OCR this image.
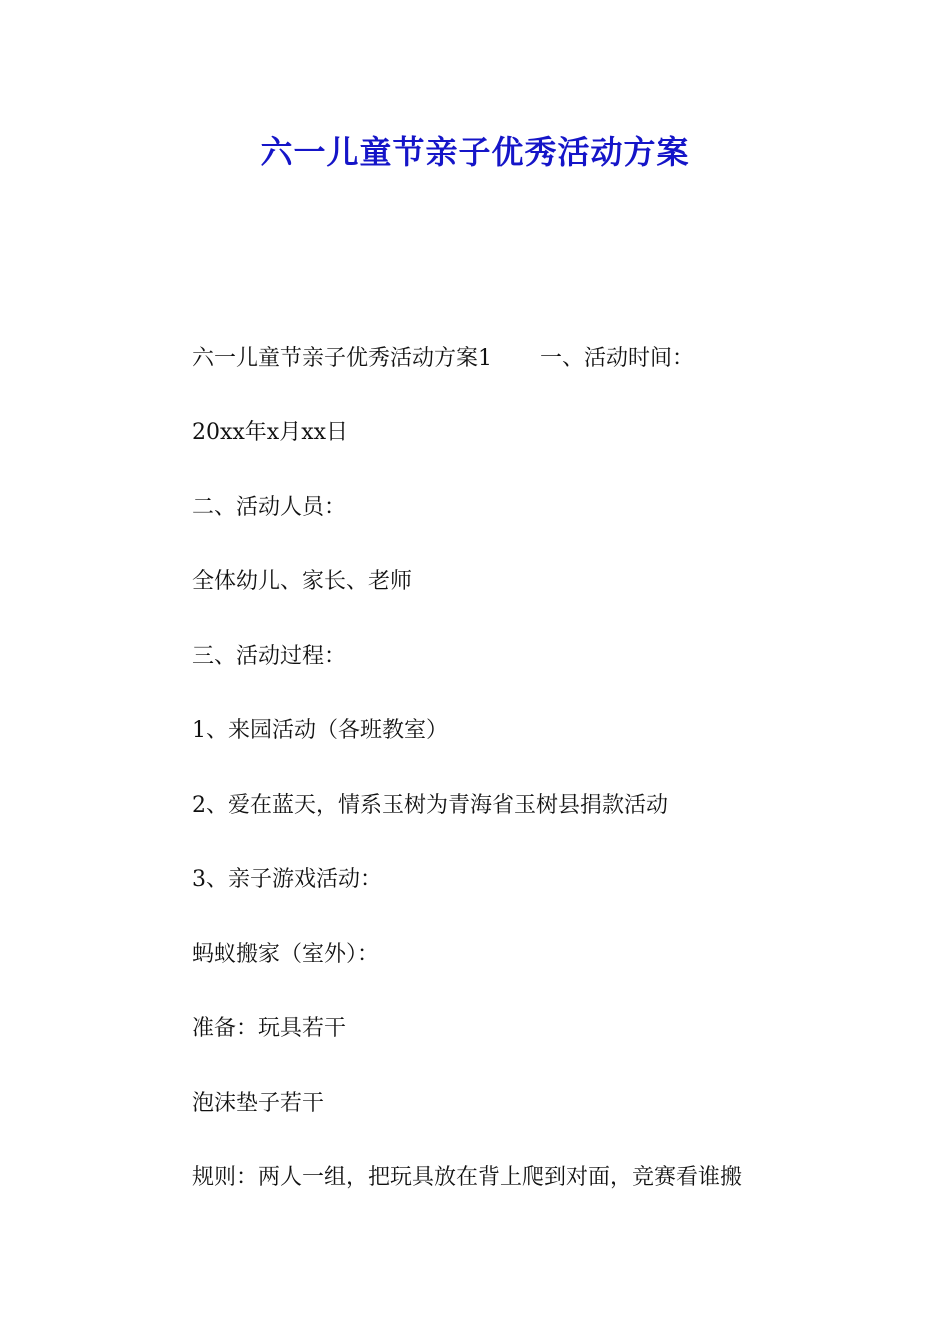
六一儿童节亲子优秀活动方案

六一儿童节亲子优秀活动方案1 一、活动时间：

20xx年x月xx日

二、活动人员：

全体幼儿、家长、老师

三、活动过程：

1、来园活动（各班教室）

2、爱在蓝天，情系玉树为青海省玉树县捐款活动

3、亲子游戏活动：

蚂蚁搬家（室外）：

准备：玩具若干

泡沫垫子若干

规则：两人一组，把玩具放在背上爬到对面，竞赛看谁搬
